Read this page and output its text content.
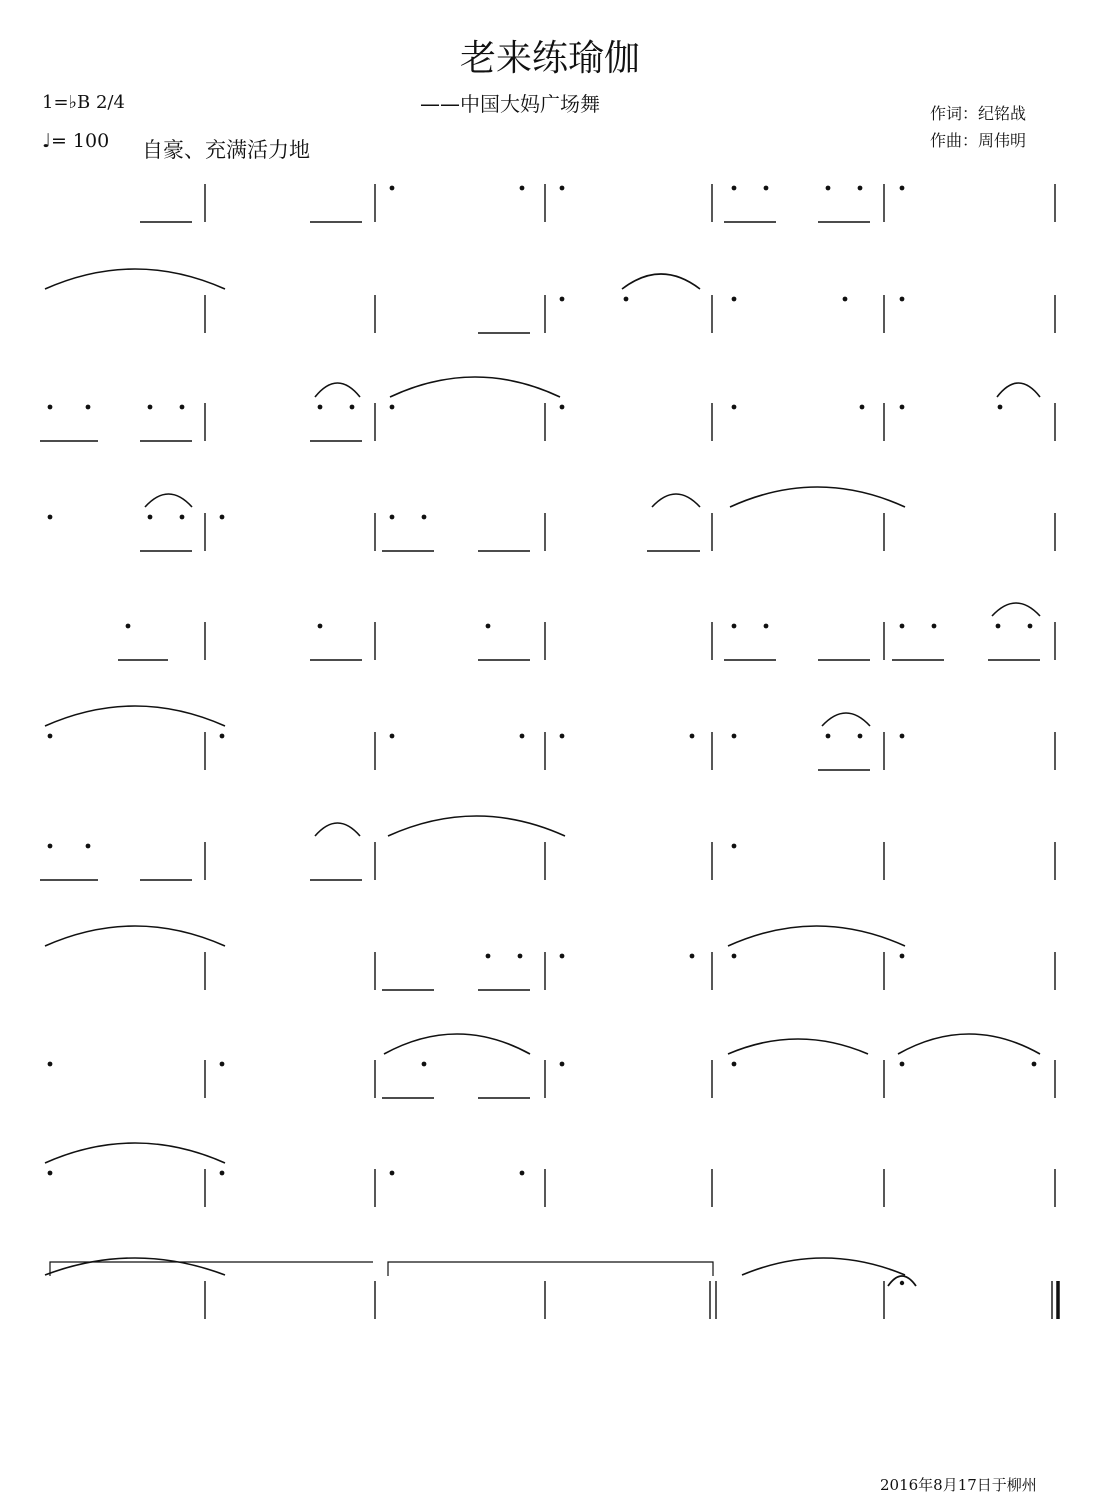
老来练瑜伽
——中国大妈广场舞
1=♭B 2/4
♩= 100 自豪、充满活力地
作词：纪铭战
作曲：周伟明
2016年8月17日于柳州
